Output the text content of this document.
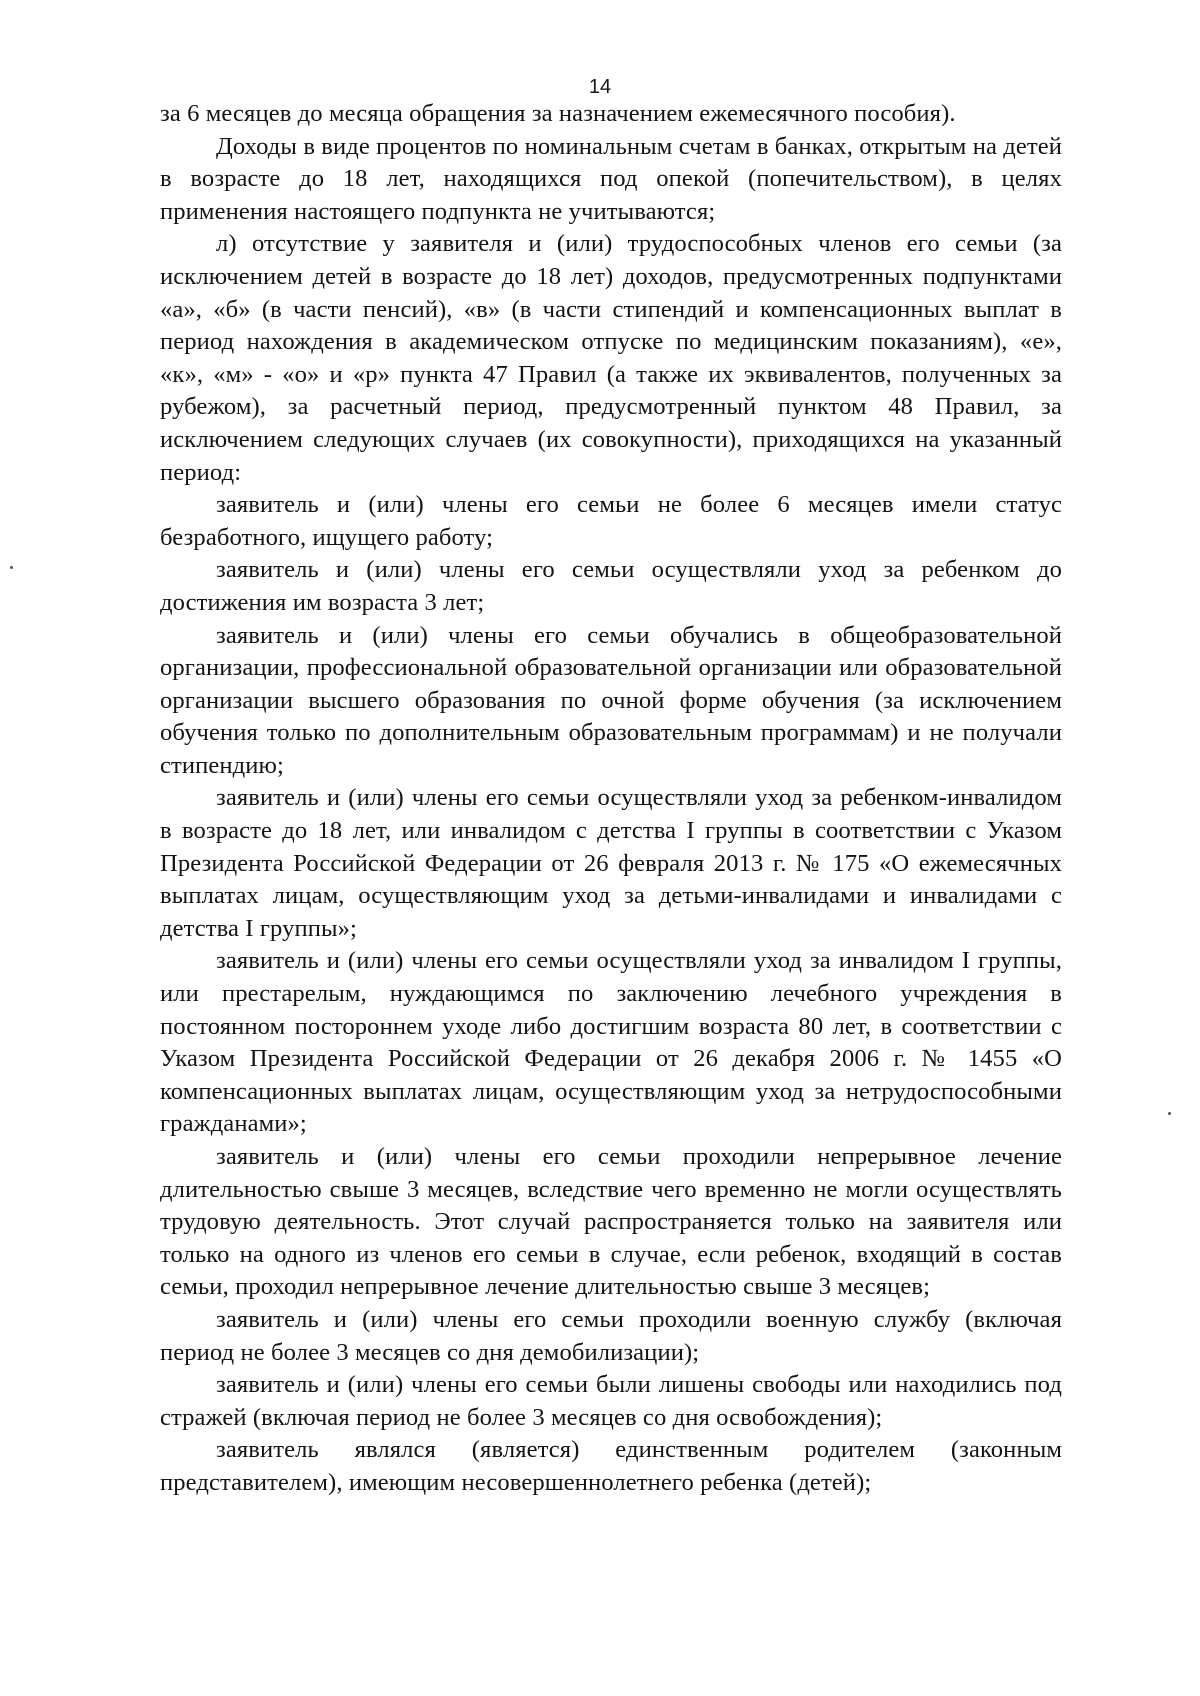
14

за 6 месяцев до месяца обращения за назначением ежемесячного пособия).

Доходы в виде процентов по номинальным счетам в банках, открытым на детей в возрасте до 18 лет, находящихся под опекой (попечительством), в целях применения настоящего подпункта не учитываются;

л) отсутствие у заявителя и (или) трудоспособных членов его семьи (за исключением детей в возрасте до 18 лет) доходов, предусмотренных подпунктами «а», «б» (в части пенсий), «в» (в части стипендий и компенсационных выплат в период нахождения в академическом отпуске по медицинским показаниям), «е», «к», «м» - «о» и «р» пункта 47 Правил (а также их эквивалентов, полученных за рубежом), за расчетный период, предусмотренный пунктом 48 Правил, за исключением следующих случаев (их совокупности), приходящихся на указанный период:

заявитель и (или) члены его семьи не более 6 месяцев имели статус безработного, ищущего работу;

заявитель и (или) члены его семьи осуществляли уход за ребенком до достижения им возраста 3 лет;

заявитель и (или) члены его семьи обучались в общеобразовательной организации, профессиональной образовательной организации или образовательной организации высшего образования по очной форме обучения (за исключением обучения только по дополнительным образовательным программам) и не получали стипендию;

заявитель и (или) члены его семьи осуществляли уход за ребенком-инвалидом в возрасте до 18 лет, или инвалидом с детства I группы в соответствии с Указом Президента Российской Федерации от 26 февраля 2013 г. № 175 «О ежемесячных выплатах лицам, осуществляющим уход за детьми-инвалидами и инвалидами с детства I группы»;

заявитель и (или) члены его семьи осуществляли уход за инвалидом I группы, или престарелым, нуждающимся по заключению лечебного учреждения в постоянном постороннем уходе либо достигшим возраста 80 лет, в соответствии с Указом Президента Российской Федерации от 26 декабря 2006 г. № 1455 «О компенсационных выплатах лицам, осуществляющим уход за нетрудоспособными гражданами»;

заявитель и (или) члены его семьи проходили непрерывное лечение длительностью свыше 3 месяцев, вследствие чего временно не могли осуществлять трудовую деятельность. Этот случай распространяется только на заявителя или только на одного из членов его семьи в случае, если ребенок, входящий в состав семьи, проходил непрерывное лечение длительностью свыше 3 месяцев;

заявитель и (или) члены его семьи проходили военную службу (включая период не более 3 месяцев со дня демобилизации);

заявитель и (или) члены его семьи были лишены свободы или находились под стражей (включая период не более 3 месяцев со дня освобождения);

заявитель являлся (является) единственным родителем (законным представителем), имеющим несовершеннолетнего ребенка (детей);
